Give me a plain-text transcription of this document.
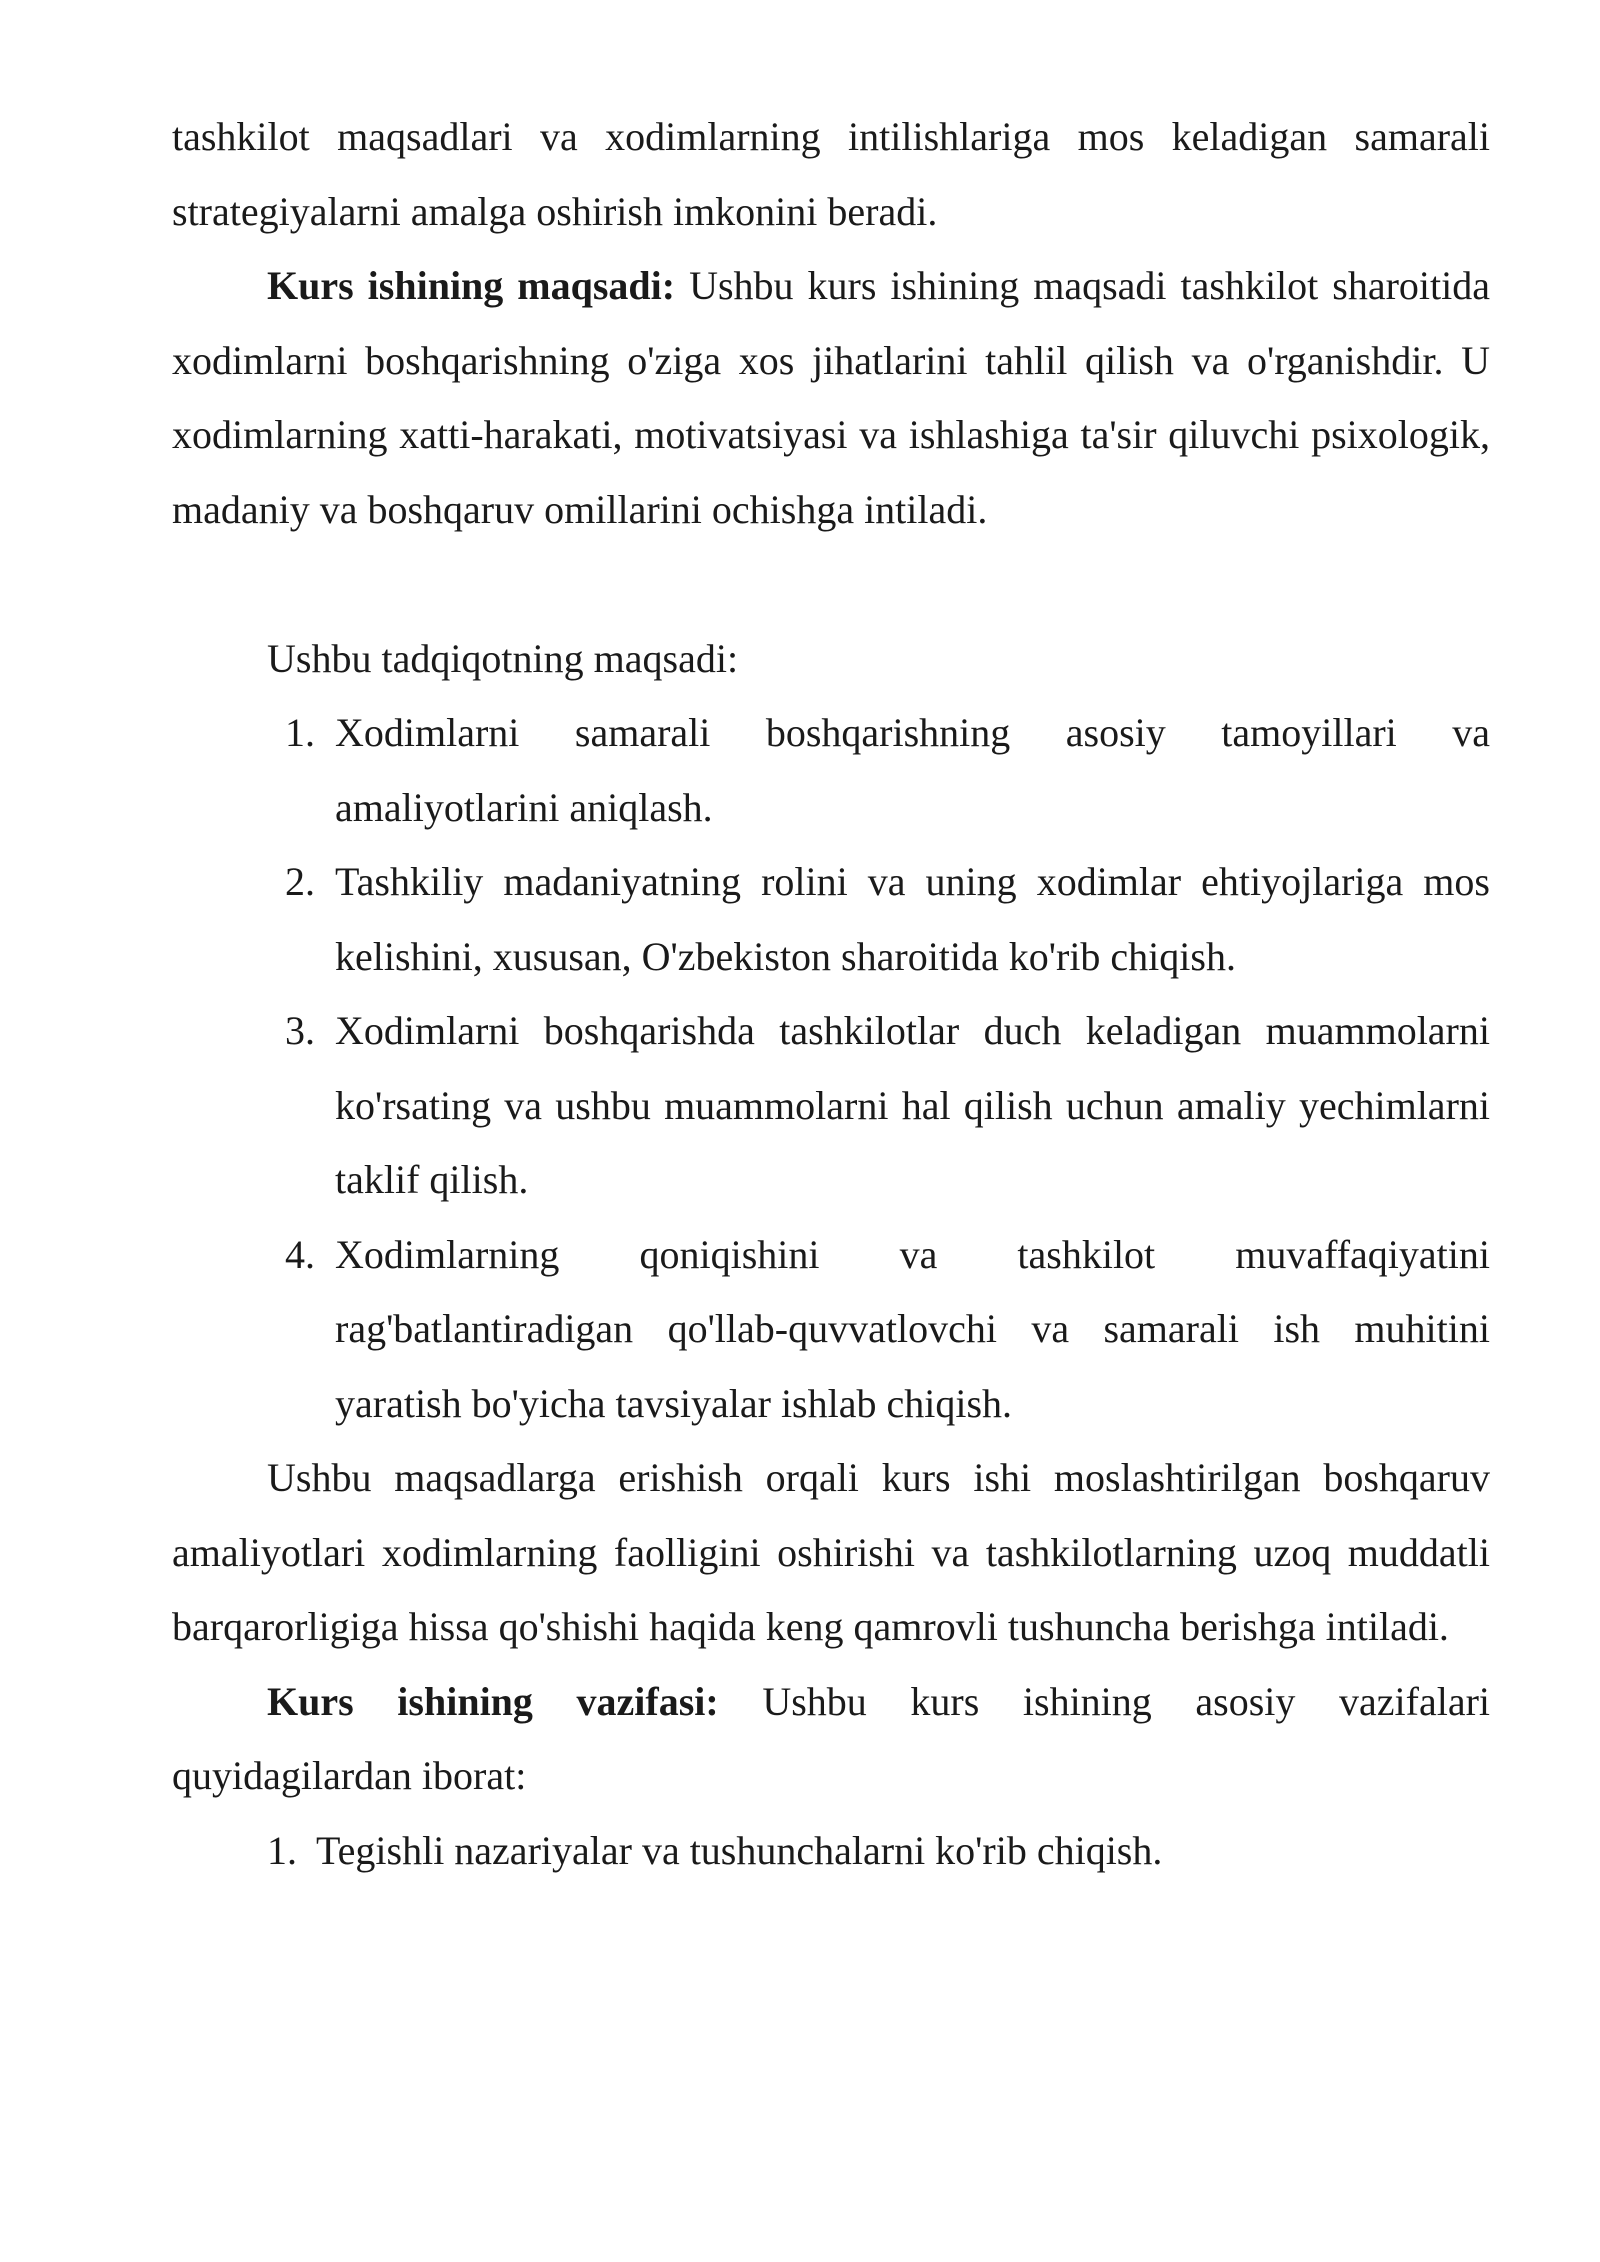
tashkilot maqsadlari va xodimlarning intilishlariga mos keladigan samarali strategiyalarni amalga oshirish imkonini beradi.

Kurs ishining maqsadi: Ushbu kurs ishining maqsadi tashkilot sharoitida xodimlarni boshqarishning o'ziga xos jihatlarini tahlil qilish va o'rganishdir. U xodimlarning xatti-harakati, motivatsiyasi va ishlashiga ta'sir qiluvchi psixologik, madaniy va boshqaruv omillarini ochishga intiladi.

Ushbu tadqiqotning maqsadi:

1. Xodimlarni samarali boshqarishning asosiy tamoyillari va amaliyotlarini aniqlash.
2. Tashkiliy madaniyatning rolini va uning xodimlar ehtiyojlariga mos kelishini, xususan, O'zbekiston sharoitida ko'rib chiqish.
3. Xodimlarni boshqarishda tashkilotlar duch keladigan muammolarni ko'rsating va ushbu muammolarni hal qilish uchun amaliy yechimlarni taklif qilish.
4. Xodimlarning qoniqishini va tashkilot muvaffaqiyatini rag'batlantiradigan qo'llab-quvvatlovchi va samarali ish muhitini yaratish bo'yicha tavsiyalar ishlab chiqish.

Ushbu maqsadlarga erishish orqali kurs ishi moslashtirilgan boshqaruv amaliyotlari xodimlarning faolligini oshirishi va tashkilotlarning uzoq muddatli barqarorligiga hissa qo'shishi haqida keng qamrovli tushuncha berishga intiladi.

Kurs ishining vazifasi: Ushbu kurs ishining asosiy vazifalari quyidagilardan iborat:

1. Tegishli nazariyalar va tushunchalarni ko'rib chiqish.
